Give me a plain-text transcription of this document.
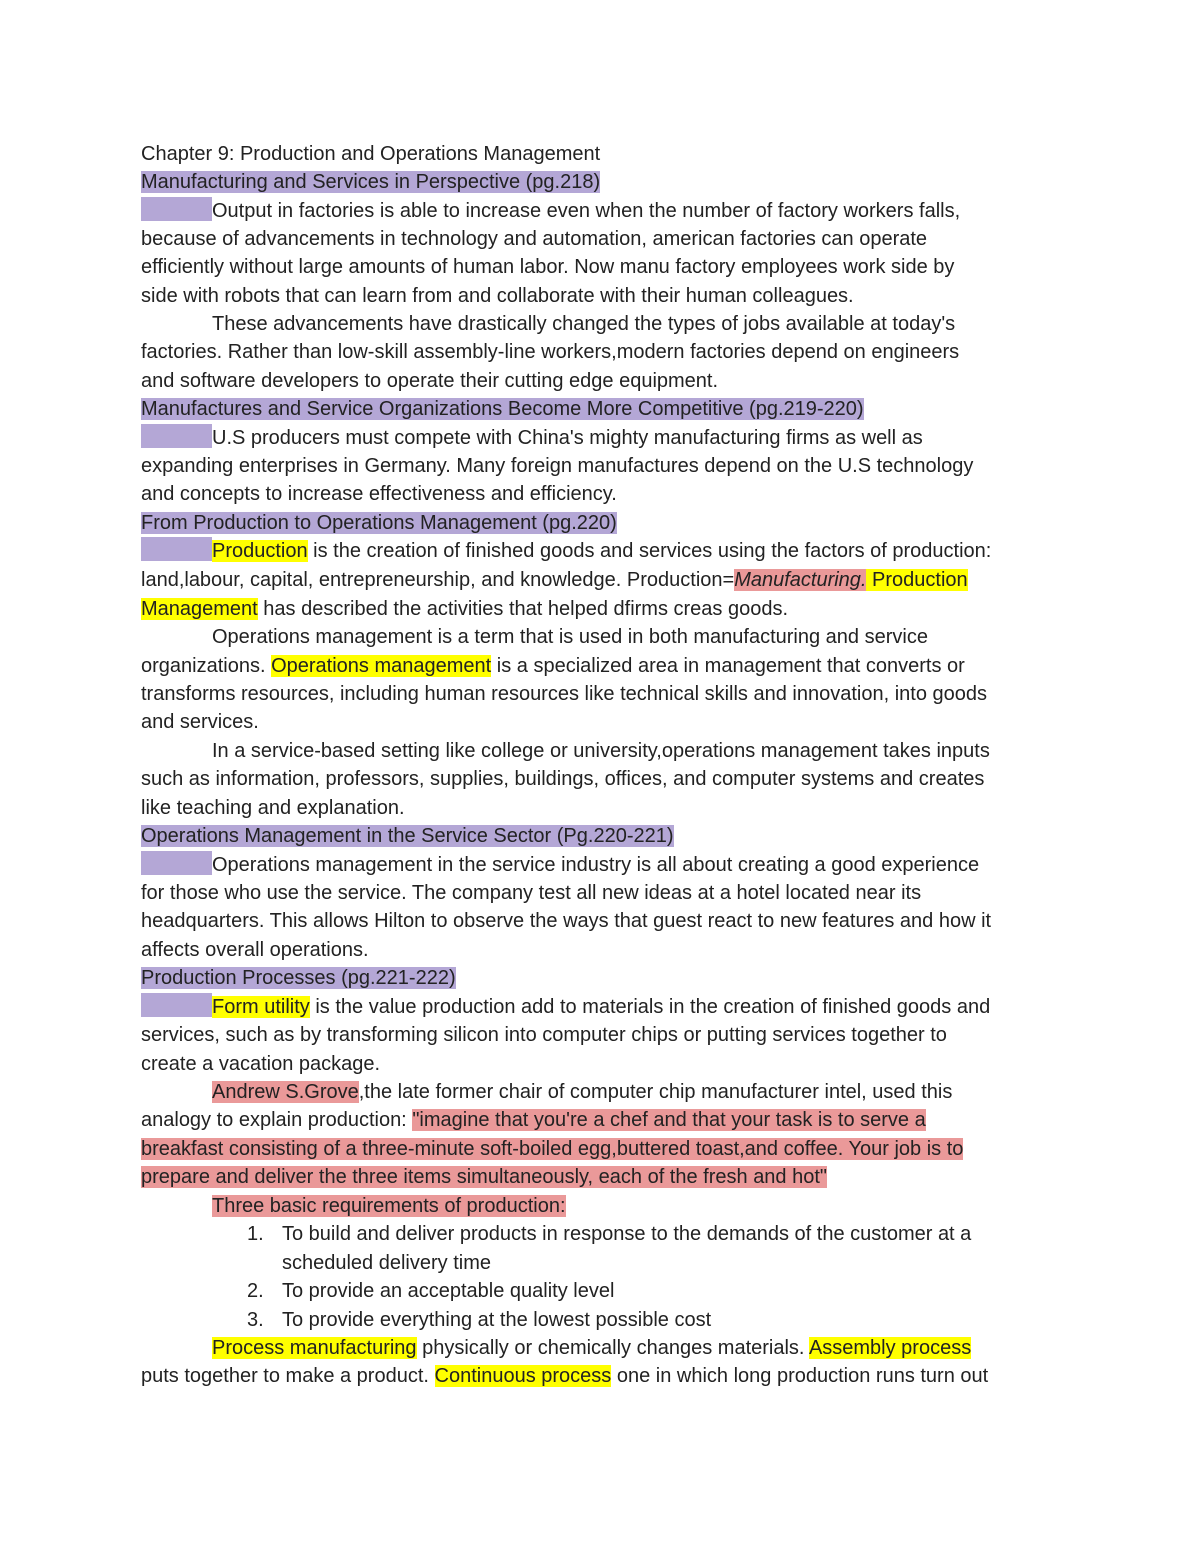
Chapter 9: Production and Operations Management
Manufacturing and Services in Perspective (pg.218)
Output in factories is able to increase even when the number of factory workers falls,
because of advancements in technology and automation, american factories can operate
efficiently without large amounts of human labor. Now manu factory employees work side by
side with robots that can learn from and collaborate with their human colleagues.
These advancements have drastically changed the types of jobs available at today's
factories. Rather than low-skill assembly-line workers,modern factories depend on engineers
and software developers to operate their cutting edge equipment.
Manufactures and Service Organizations Become More Competitive (pg.219-220)
U.S producers must compete with China's mighty manufacturing firms as well as
expanding enterprises in Germany. Many foreign manufactures depend on the U.S technology
and concepts to increase effectiveness and efficiency.
From Production to Operations Management (pg.220)
Production is the creation of finished goods and services using the factors of production:
land,labour, capital, entrepreneurship, and knowledge. Production=Manufacturing. Production
Management has described the activities that helped dfirms creas goods.
Operations management is a term that is used in both manufacturing and service
organizations. Operations management is a specialized area in management that converts or
transforms resources, including human resources like technical skills and innovation, into goods
and services.
In a service-based setting like college or university,operations management takes inputs
such as information, professors, supplies, buildings, offices, and computer systems and creates
like teaching and explanation.
Operations Management in the Service Sector (Pg.220-221)
Operations management in the service industry is all about creating a good experience
for those who use the service. The company test all new ideas at a hotel located near its
headquarters. This allows Hilton to observe the ways that guest react to new features and how it
affects overall operations.
Production Processes (pg.221-222)
Form utility is the value production add to materials in the creation of finished goods and
services, such as by transforming silicon into computer chips or putting services together to
create a vacation package.
Andrew S.Grove,the late former chair of computer chip manufacturer intel, used this
analogy to explain production: "imagine that you're a chef and that your task is to serve a
breakfast consisting of a three-minute soft-boiled egg,buttered toast,and coffee. Your job is to
prepare and deliver the three items simultaneously, each of the fresh and hot"
Three basic requirements of production:
1. To build and deliver products in response to the demands of the customer at a
scheduled delivery time
2. To provide an acceptable quality level
3. To provide everything at the lowest possible cost
Process manufacturing physically or chemically changes materials. Assembly process
puts together to make a product. Continuous process one in which long production runs turn out
